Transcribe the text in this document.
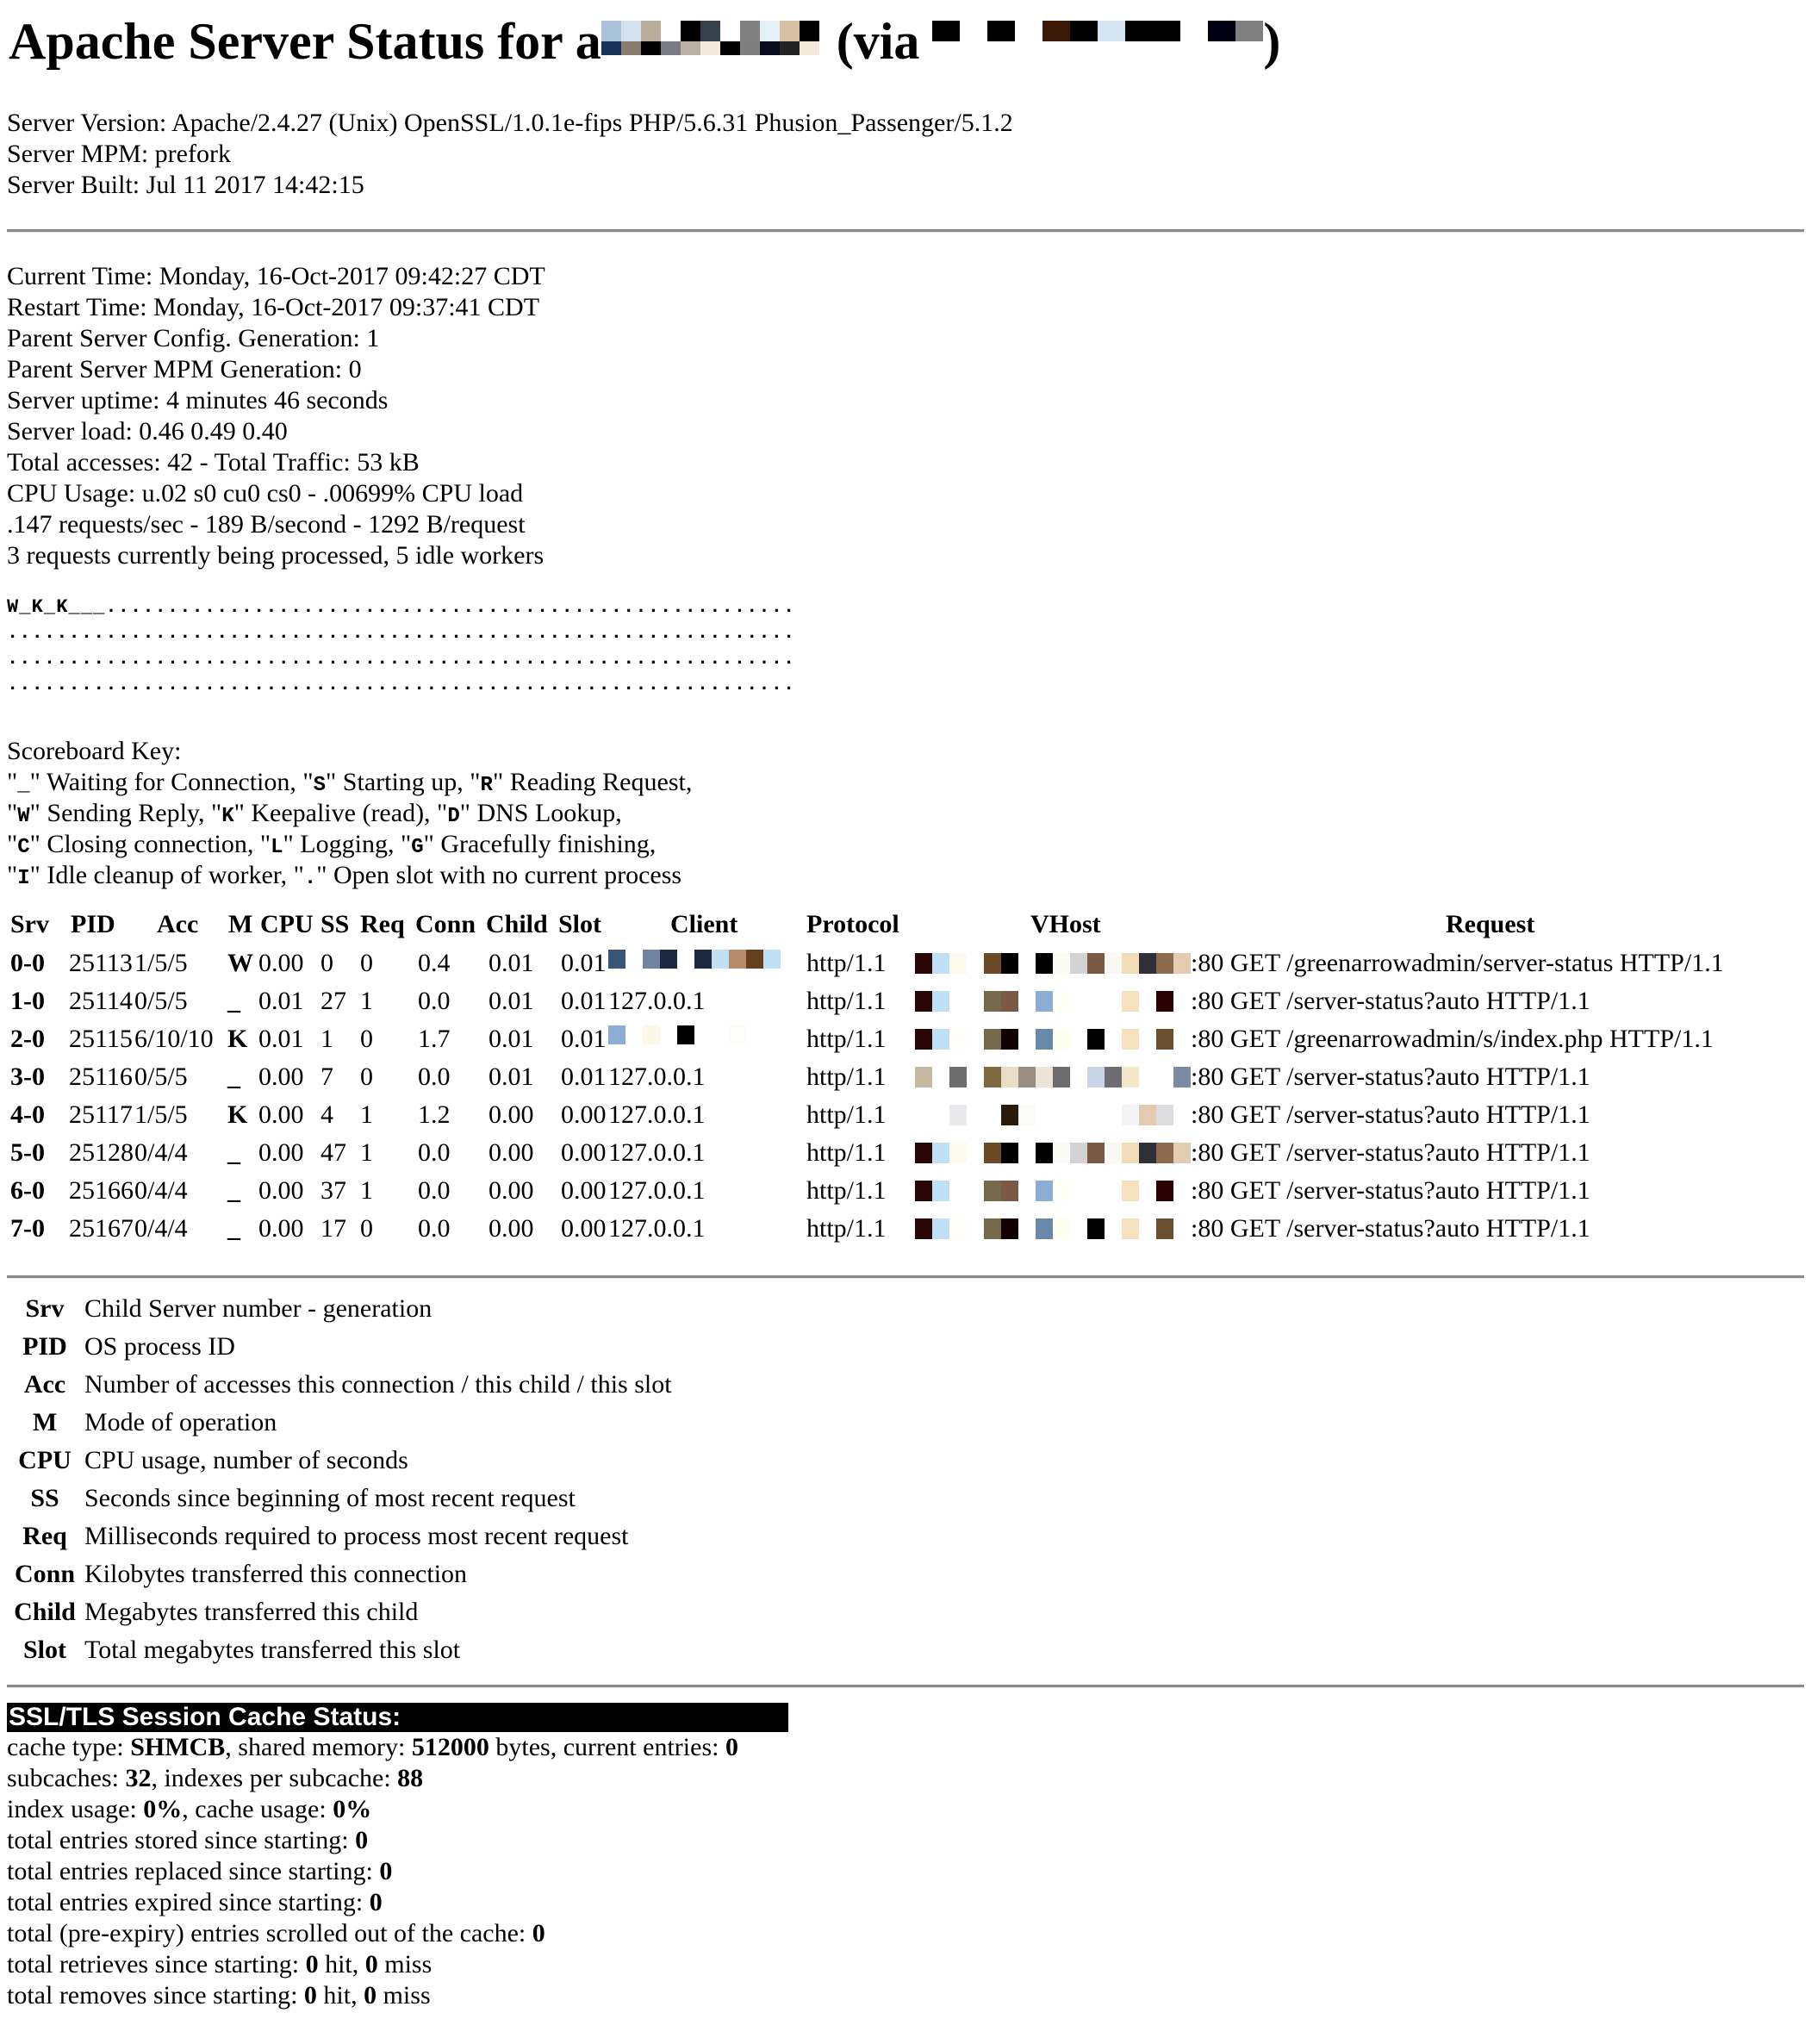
Apache Server Status for a	(via	)
Server Version: Apache/2.4.27 (Unix) OpenSSL/1.0.1e-fips PHP/5.6.31 Phusion_Passenger/5.1.2
Server MPM: prefork
Server Built: Jul 11 2017 14:42:15
Current Time: Monday, 16-Oct-2017 09:42:27 CDT
Restart Time: Monday, 16-Oct-2017 09:37:41 CDT
Parent Server Config. Generation: 1
Parent Server MPM Generation: 0
Server uptime: 4 minutes 46 seconds
Server load: 0.46 0.49 0.40
Total accesses: 42 - Total Traffic: 53 kB
CPU Usage: u.02 s0 cu0 cs0 - .00699% CPU load
.147 requests/sec - 189 B/second - 1292 B/request
3 requests currently being processed, 5 idle workers
W_K_K___........................................................
................................................................
................................................................
................................................................
Scoreboard Key:
"_" Waiting for Connection, "S" Starting up, "R" Reading Request,
"W" Sending Reply, "K" Keepalive (read), "D" DNS Lookup,
"C" Closing connection, "L" Logging, "G" Gracefully finishing,
"I" Idle cleanup of worker, "." Open slot with no current process
Srv PID Acc M CPU SS Req Conn Child Slot	Client	Protocol	VHost	Request
0-0 25113 1/5/5 W 0.00 0 0 0.4 0.01 0.01	http/1.1	:80 GET /greenarrowadmin/server-status HTTP/1.1
1-0 25114 0/5/5 _ 0.01 27 1 0.0 0.01 0.01 127.0.0.1	http/1.1	:80 GET /server-status?auto HTTP/1.1
2-0 25115 6/10/10 K 0.01 1 0 1.7 0.01 0.01	http/1.1	:80 GET /greenarrowadmin/s/index.php HTTP/1.1
3-0 25116 0/5/5 _ 0.00 7 0 0.0 0.01 0.01 127.0.0.1	http/1.1	:80 GET /server-status?auto HTTP/1.1
4-0 25117 1/5/5 K 0.00 4 1 1.2 0.00 0.00 127.0.0.1	http/1.1	:80 GET /server-status?auto HTTP/1.1
5-0 25128 0/4/4 _ 0.00 47 1 0.0 0.00 0.00 127.0.0.1	http/1.1	:80 GET /server-status?auto HTTP/1.1
6-0 25166 0/4/4 _ 0.00 37 1 0.0 0.00 0.00 127.0.0.1	http/1.1	:80 GET /server-status?auto HTTP/1.1
7-0 25167 0/4/4 _ 0.00 17 0 0.0 0.00 0.00 127.0.0.1	http/1.1	:80 GET /server-status?auto HTTP/1.1
Srv Child Server number - generation
PID OS process ID
Acc Number of accesses this connection / this child / this slot
M	Mode of operation
CPU CPU usage, number of seconds
SS Seconds since beginning of most recent request
Req Milliseconds required to process most recent request
Conn Kilobytes transferred this connection
Child Megabytes transferred this child
Slot Total megabytes transferred this slot
SSL/TLS Session Cache Status:
cache type: SHMCB, shared memory: 512000 bytes, current entries: 0
subcaches: 32, indexes per subcache: 88
index usage: 0%, cache usage: 0%
total entries stored since starting: 0
total entries replaced since starting: 0
total entries expired since starting: 0
total (pre-expiry) entries scrolled out of the cache: 0
total retrieves since starting: 0 hit, 0 miss
total removes since starting: 0 hit, 0 miss
